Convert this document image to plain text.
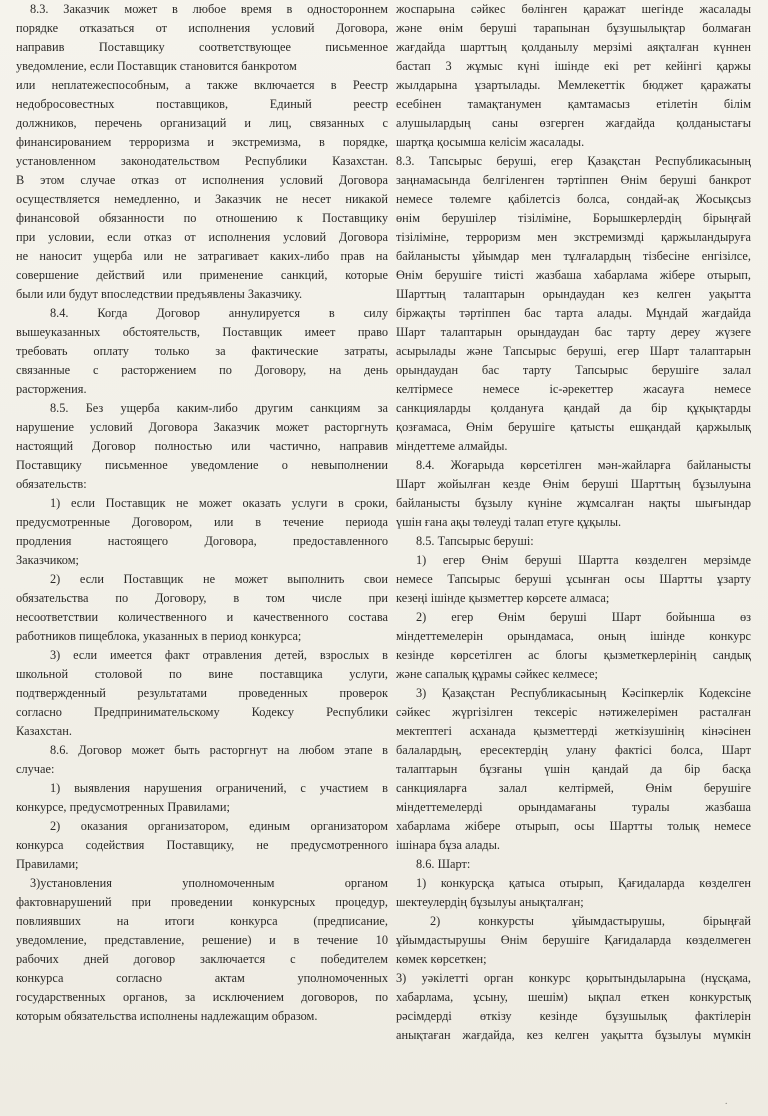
8.3. Заказчик может в любое время в одностороннем
порядке отказаться от исполнения условий Договора,
направив Поставщику соответствующее письменное
уведомление, если Поставщик становится банкротом
или неплатежеспособным, а также включается в Реестр
недобросовестных поставщиков, Единый реестр
должников, перечень организаций и лиц, связанных с
финансированием терроризма и экстремизма, в порядке,
установленном законодательством Республики Казахстан.
В этом случае отказ от исполнения условий Договора
осуществляется немедленно, и Заказчик не несет никакой
финансовой обязанности по отношению к Поставщику
при условии, если отказ от исполнения условий Договора
не наносит ущерба или не затрагивает каких-либо прав на
совершение действий или применение санкций, которые
были или будут впоследствии предъявлены Заказчику.
8.4. Когда Договор аннулируется в силу
вышеуказанных обстоятельств, Поставщик имеет право
требовать оплату только за фактические затраты,
связанные с расторжением по Договору, на день
расторжения.
8.5. Без ущерба каким-либо другим санкциям за
нарушение условий Договора Заказчик может расторгнуть
настоящий Договор полностью или частично, направив
Поставщику письменное уведомление о невыполнении
обязательств:
1) если Поставщик не может оказать услуги в сроки,
предусмотренные Договором, или в течение периода
продления настоящего Договора, предоставленного
Заказчиком;
2) если Поставщик не может выполнить свои
обязательства по Договору, в том числе при
несоответствии количественного и качественного состава
работников пищеблока, указанных в период конкурса;
3) если имеется факт отравления детей, взрослых в
школьной столовой по вине поставщика услуги,
подтвержденный результатами проведенных проверок
согласно Предпринимательскому Кодексу Республики
Казахстан.
8.6. Договор может быть расторгнут на любом этапе в
случае:
1) выявления нарушения ограничений, с участием в
конкурсе, предусмотренных Правилами;
2) оказания организатором, единым организатором
конкурса содействия Поставщику, не предусмотренного
Правилами;
3)установления уполномоченным органом
фактовнарушений при проведении конкурсных процедур,
повлиявших на итоги конкурса (предписание,
уведомление, представление, решение) и в течение 10
рабочих дней договор заключается с победителем
конкурса согласно актам уполномоченных
государственных органов, за исключением договоров, по
которым обязательства исполнены надлежащим образом.
жоспарына сәйкес бөлінген қаражат шегінде жасалады
және өнім беруші тарапынан бұзушылықтар болмаған
жағдайда шарттың қолданылу мерзімі аяқталған күннен
бастап 3 жұмыс күні ішінде екі рет кейінгі қаржы
жылдарына ұзартылады. Мемлекеттік бюджет қаражаты
есебінен тамақтанумен қамтамасыз етілетін білім
алушылардың саны өзгерген жағдайда қолданыстағы
шартқа қосымша келісім жасалады.
8.3. Тапсырыс беруші, егер Қазақстан Республикасының
заңнамасында белгіленген тәртіппен Өнім беруші банкрот
немесе төлемге қабілетсіз болса, сондай-ақ Жосықсыз
өнім берушілер тізіліміне, Борышкерлердің бірыңғай
тізіліміне, терроризм мен экстремизмді қаржыландыруға
байланысты ұйымдар мен тұлғалардың тізбесіне енгізілсе,
Өнім берушіге тиісті жазбаша хабарлама жібере отырып,
Шарттың талаптарын орындаудан кез келген уақытта
біржақты тәртіппен бас тарта алады. Мұндай жағдайда
Шарт талаптарын орындаудан бас тарту дереу жүзеге
асырылады және Тапсырыс беруші, егер Шарт талаптарын
орындаудан бас тарту Тапсырыс берушіге залал
келтірмесе немесе іс-әрекеттер жасауға немесе
санкцияларды қолдануға қандай да бір құқықтарды
қозғамаса, Өнім берушіге қатысты ешқандай қаржылық
міндеттеме алмайды.
8.4. Жоғарыда көрсетілген мән-жайларға байланысты
Шарт жойылған кезде Өнім беруші Шарттың бұзылуына
байланысты бұзылу күніне жұмсалған нақты шығындар
үшін ғана ақы төлеуді талап етуге құқылы.
8.5. Тапсырыс беруші:
1) егер Өнім беруші Шартта көзделген мерзімде
немесе Тапсырыс беруші ұсынған осы Шартты ұзарту
кезеңі ішінде қызметтер көрсете алмаса;
2) егер Өнім беруші Шарт бойынша өз
міндеттемелерін орындамаса, оның ішінде конкурс
кезінде көрсетілген ас блогы қызметкерлерінің сандық
және сапалық құрамы сәйкес келмесе;
3) Қазақстан Республикасының Кәсіпкерлік Кодексіне
сәйкес жүргізілген тексеріс нәтижелерімен расталған
мектептегі асханада қызметтерді жеткізушінің кінәсінен
балалардың, ересектердің улану фактісі болса, Шарт
талаптарын бұзғаны үшін қандай да бір басқа
санкцияларға залал келтірмей, Өнім берушіге
міндеттемелерді орындамағаны туралы жазбаша
хабарлама жібере отырып, осы Шартты толық немесе
ішінара бұза алады.
8.6. Шарт:
1) конкурсқа қатыса отырып, Қағидаларда көзделген
шектеулердің бұзылуы анықталған;
2) конкурсты ұйымдастырушы, бірыңғай
ұйымдастырушы Өнім берушіге Қағидаларда көзделмеген
көмек көрсеткен;
3) уәкілетті орган конкурс қорытындыларына (нұсқама,
хабарлама, ұсыну, шешім) ықпал еткен конкурстық
рәсімдерді өткізу кезінде бұзушылық фактілерін
анықтаған жағдайда, кез келген уақытта бұзылуы мүмкін
·
